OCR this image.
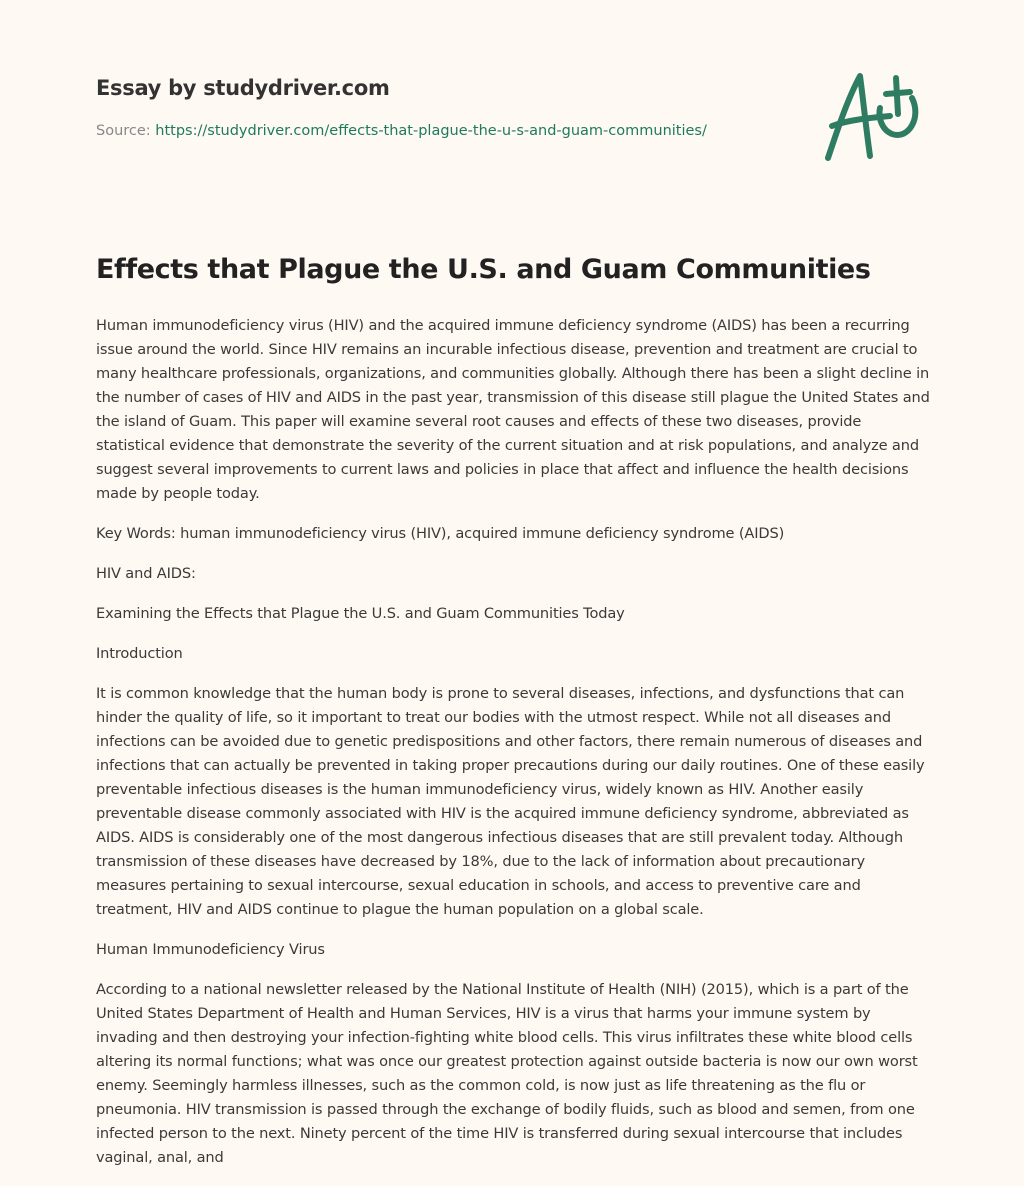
Essay by studydriver.com
Source: https://studydriver.com/effects-that-plague-the-u-s-and-guam-communities/
Effects that Plague the U.S. and Guam Communities

Human immunodeficiency virus (HIV) and the acquired immune deficiency syndrome (AIDS) has been a recurring issue around the world. Since HIV remains an incurable infectious disease, prevention and treatment are crucial to many healthcare professionals, organizations, and communities globally. Although there has been a slight decline in the number of cases of HIV and AIDS in the past year, transmission of this disease still plague the United States and the island of Guam. This paper will examine several root causes and effects of these two diseases, provide statistical evidence that demonstrate the severity of the current situation and at risk populations, and analyze and suggest several improvements to current laws and policies in place that affect and influence the health decisions made by people today.

Key Words: human immunodeficiency virus (HIV), acquired immune deficiency syndrome (AIDS)

HIV and AIDS:

Examining the Effects that Plague the U.S. and Guam Communities Today

Introduction

It is common knowledge that the human body is prone to several diseases, infections, and dysfunctions that can hinder the quality of life, so it important to treat our bodies with the utmost respect. While not all diseases and infections can be avoided due to genetic predispositions and other factors, there remain numerous of diseases and infections that can actually be prevented in taking proper precautions during our daily routines. One of these easily preventable infectious diseases is the human immunodeficiency virus, widely known as HIV. Another easily preventable disease commonly associated with HIV is the acquired immune deficiency syndrome, abbreviated as AIDS. AIDS is considerably one of the most dangerous infectious diseases that are still prevalent today. Although transmission of these diseases have decreased by 18%, due to the lack of information about precautionary measures pertaining to sexual intercourse, sexual education in schools, and access to preventive care and treatment, HIV and AIDS continue to plague the human population on a global scale.

Human Immunodeficiency Virus

According to a national newsletter released by the National Institute of Health (NIH) (2015), which is a part of the United States Department of Health and Human Services, HIV is a virus that harms your immune system by invading and then destroying your infection-fighting white blood cells. This virus infiltrates these white blood cells altering its normal functions; what was once our greatest protection against outside bacteria is now our own worst enemy. Seemingly harmless illnesses, such as the common cold, is now just as life threatening as the flu or pneumonia. HIV transmission is passed through the exchange of bodily fluids, such as blood and semen, from one infected person to the next. Ninety percent of the time HIV is transferred during sexual intercourse that includes vaginal, anal, and
